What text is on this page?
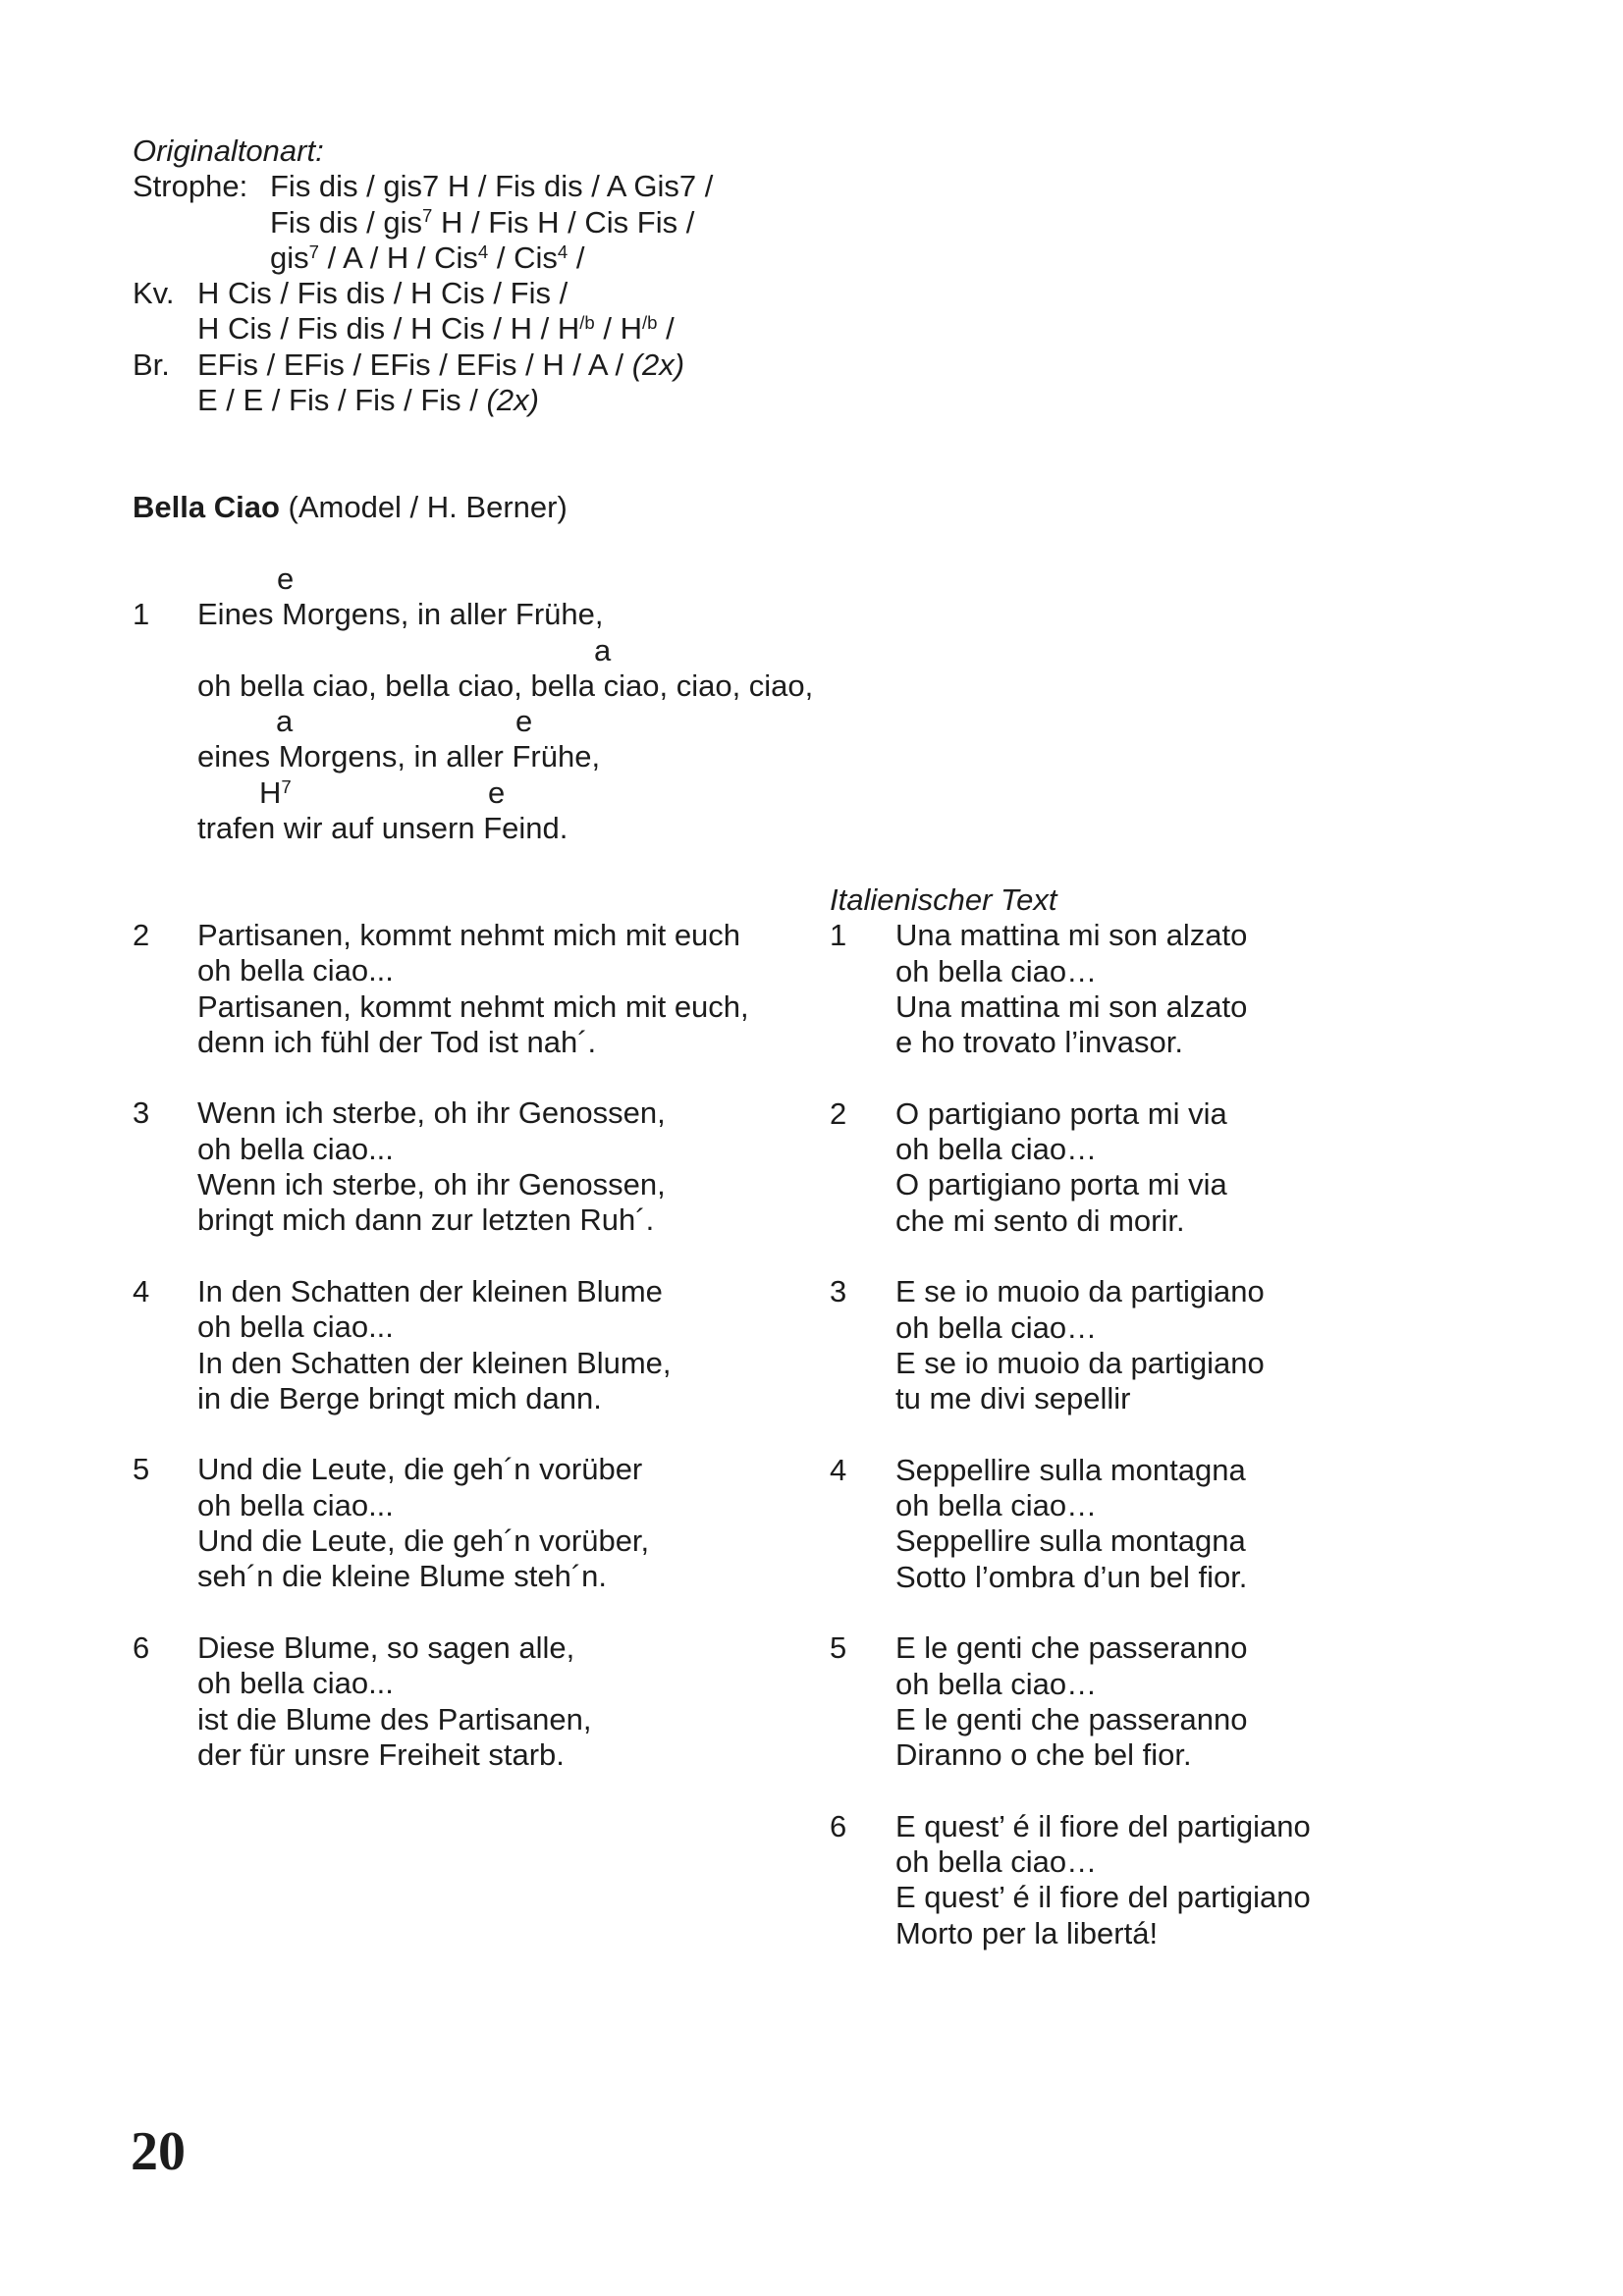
Originaltonart:
Strophe: Fis dis / gis7 H / Fis dis / A Gis7 /
Fis dis / gis$^7$ H / Fis H / Cis Fis /
gis$^7$ / A / H / Cis$^4$ / Cis$^4$ /
Kv. H Cis / Fis dis / H Cis / Fis /
H Cis / Fis dis / H Cis / H / $H^{/b} / H^{/b}$ /
Br. EFis / EFis / EFis / EFis / H / A / (2x)
E / E / Fis / Fis / Fis / (2x)
Bella Ciao (Amodel / H. Berner)
e
1	Eines Morgens, in aller Frühe,
a
oh bella ciao, bella ciao, bella ciao, ciao, ciao,
a	e
eines Morgens, in aller Frühe,
$H^7$	e
trafen wir auf unsern Feind.
2	Partisanen, kommt nehmt mich mit euch
oh bella ciao...
Partisanen, kommt nehmt mich mit euch,
denn ich fühl der Tod ist nah´.
3	Wenn ich sterbe, oh ihr Genossen,
oh bella ciao...
Wenn ich sterbe, oh ihr Genossen,
bringt mich dann zur letzten Ruh´.
4	In den Schatten der kleinen Blume
oh bella ciao...
In den Schatten der kleinen Blume,
in die Berge bringt mich dann.
5	Und die Leute, die geh´n vorüber
oh bella ciao...
Und die Leute, die geh´n vorüber,
seh´n die kleine Blume steh´n.
6	Diese Blume, so sagen alle,
oh bella ciao...
ist die Blume des Partisanen,
der für unsre Freiheit starb.
Italienischer Text
1	Una mattina mi son alzato
oh bella ciao…
Una mattina mi son alzato
e ho trovato l’invasor.
2	O partigiano porta mi via
oh bella ciao…
O partigiano porta mi via
che mi sento di morir.
3	E se io muoio da partigiano
oh bella ciao…
E se io muoio da partigiano
tu me divi sepellir
4	Seppellire sulla montagna
oh bella ciao…
Seppellire sulla montagna
Sotto l’ombra d’un bel fior.
5	E le genti che passeranno
oh bella ciao…
E le genti che passeranno
Diranno o che bel fior.
6	E quest’ é il fiore del partigiano
oh bella ciao…
E quest’ é il fiore del partigiano
Morto per la libertá!
20
